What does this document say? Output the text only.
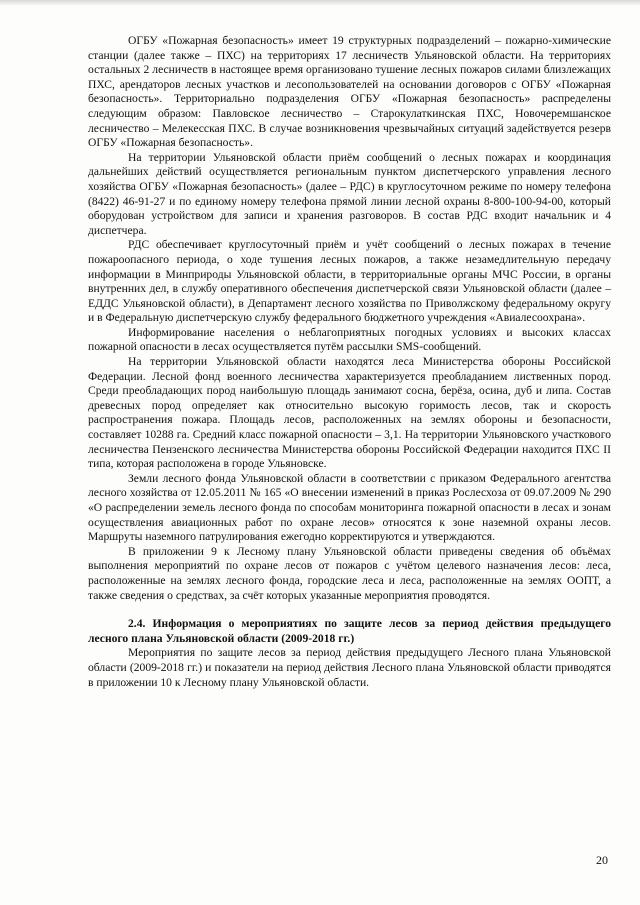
ОГБУ «Пожарная безопасность» имеет 19 структурных подразделений – пожарно-химические станции (далее также – ПХС) на территориях 17 лесничеств Ульяновской области. На территориях остальных 2 лесничеств в настоящее время организовано тушение лесных пожаров силами близлежащих ПХС, арендаторов лесных участков и лесопользователей на основании договоров с ОГБУ «Пожарная безопасность». Территориально подразделения ОГБУ «Пожарная безопасность» распределены следующим образом: Павловское лесничество – Старокулаткинская ПХС, Новочеремшанское лесничество – Мелекесская ПХС. В случае возникновения чрезвычайных ситуаций задействуется резерв ОГБУ «Пожарная безопасность».

На территории Ульяновской области приём сообщений о лесных пожарах и координация дальнейших действий осуществляется региональным пунктом диспетчерского управления лесного хозяйства ОГБУ «Пожарная безопасность» (далее – РДС) в круглосуточном режиме по номеру телефона (8422) 46-91-27 и по единому номеру телефона прямой линии лесной охраны 8-800-100-94-00, который оборудован устройством для записи и хранения разговоров. В состав РДС входит начальник и 4 диспетчера.

РДС обеспечивает круглосуточный приём и учёт сообщений о лесных пожарах в течение пожароопасного периода, о ходе тушения лесных пожаров, а также незамедлительную передачу информации в Минприроды Ульяновской области, в территориальные органы МЧС России, в органы внутренних дел, в службу оперативного обеспечения диспетчерской связи Ульяновской области (далее – ЕДДС Ульяновской области), в Департамент лесного хозяйства по Приволжскому федеральному округу и в Федеральную диспетчерскую службу федерального бюджетного учреждения «Авиалесоохрана».

Информирование населения о неблагоприятных погодных условиях и высоких классах пожарной опасности в лесах осуществляется путём рассылки SMS-сообщений.

На территории Ульяновской области находятся леса Министерства обороны Российской Федерации. Лесной фонд военного лесничества характеризуется преобладанием лиственных пород. Среди преобладающих пород наибольшую площадь занимают сосна, берёза, осина, дуб и липа. Состав древесных пород определяет как относительно высокую горимость лесов, так и скорость распространения пожара. Площадь лесов, расположенных на землях обороны и безопасности, составляет 10288 га. Средний класс пожарной опасности – 3,1. На территории Ульяновского участкового лесничества Пензенского лесничества Министерства обороны Российской Федерации находится ПХС II типа, которая расположена в городе Ульяновске.

Земли лесного фонда Ульяновской области в соответствии с приказом Федерального агентства лесного хозяйства от 12.05.2011 № 165 «О внесении изменений в приказ Рослесхоза от 09.07.2009 № 290 «О распределении земель лесного фонда по способам мониторинга пожарной опасности в лесах и зонам осуществления авиационных работ по охране лесов» относятся к зоне наземной охраны лесов. Маршруты наземного патрулирования ежегодно корректируются и утверждаются.

В приложении 9 к Лесному плану Ульяновской области приведены сведения об объёмах выполнения мероприятий по охране лесов от пожаров с учётом целевого назначения лесов: леса, расположенные на землях лесного фонда, городские леса и леса, расположенные на землях ООПТ, а также сведения о средствах, за счёт которых указанные мероприятия проводятся.

2.4. Информация о мероприятиях по защите лесов за период действия предыдущего лесного плана Ульяновской области (2009-2018 гг.)

Мероприятия по защите лесов за период действия предыдущего Лесного плана Ульяновской области (2009-2018 гг.) и показатели на период действия Лесного плана Ульяновской области приводятся в приложении 10 к Лесному плану Ульяновской области.

20
